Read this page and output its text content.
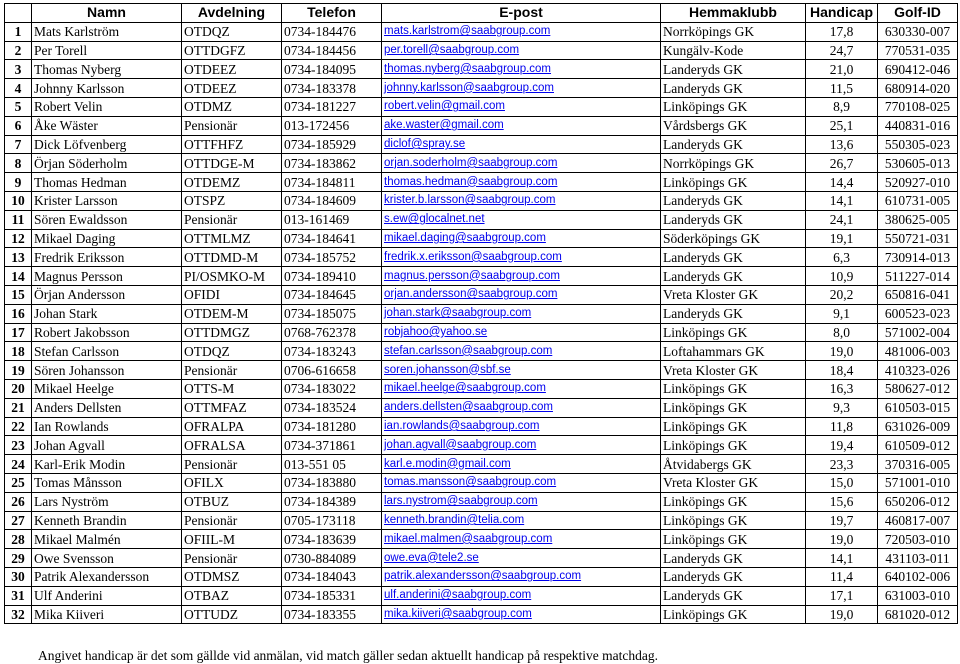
	Namn	Avdelning	Telefon	E-post	Hemmaklubb	Handicap	Golf-ID
1	Mats Karlström	OTDQZ	0734-184476	mats.karlstrom@saabgroup.com	Norrköpings GK	17,8	630330-007
2	Per Torell	OTTDGFZ	0734-184456	per.torell@saabgroup.com	Kungälv-Kode	24,7	770531-035
3	Thomas Nyberg	OTDEEZ	0734-184095	thomas.nyberg@saabgroup.com	Landeryds GK	21,0	690412-046
4	Johnny Karlsson	OTDEEZ	0734-183378	johnny.karlsson@saabgroup.com	Landeryds GK	11,5	680914-020
5	Robert Velin	OTDMZ	0734-181227	robert.velin@gmail.com	Linköpings GK	8,9	770108-025
6	Åke Wäster	Pensionär	013-172456	ake.waster@gmail.com	Vårdsbergs GK	25,1	440831-016
7	Dick Löfvenberg	OTTFHFZ	0734-185929	diclof@spray.se	Landeryds GK	13,6	550305-023
8	Örjan Söderholm	OTTDGE-M	0734-183862	orjan.soderholm@saabgroup.com	Norrköpings GK	26,7	530605-013
9	Thomas Hedman	OTDEMZ	0734-184811	thomas.hedman@saabgroup.com	Linköpings GK	14,4	520927-010
10	Krister Larsson	OTSPZ	0734-184609	krister.b.larsson@saabgroup.com	Landeryds GK	14,1	610731-005
11	Sören Ewaldsson	Pensionär	013-161469	s.ew@glocalnet.net	Landeryds GK	24,1	380625-005
12	Mikael Daging	OTTMLMZ	0734-184641	mikael.daging@saabgroup.com	Söderköpings GK	19,1	550721-031
13	Fredrik Eriksson	OTTDMD-M	0734-185752	fredrik.x.eriksson@saabgroup.com	Landeryds GK	6,3	730914-013
14	Magnus Persson	PI/OSMKO-M	0734-189410	magnus.persson@saabgroup.com	Landeryds GK	10,9	511227-014
15	Örjan Andersson	OFIDI	0734-184645	orjan.andersson@saabgroup.com	Vreta Kloster GK	20,2	650816-041
16	Johan Stark	OTDEM-M	0734-185075	johan.stark@saabgroup.com	Landeryds GK	9,1	600523-023
17	Robert Jakobsson	OTTDMGZ	0768-762378	robjahoo@yahoo.se	Linköpings GK	8,0	571002-004
18	Stefan Carlsson	OTDQZ	0734-183243	stefan.carlsson@saabgroup.com	Loftahammars GK	19,0	481006-003
19	Sören Johansson	Pensionär	0706-616658	soren.johansson@sbf.se	Vreta Kloster GK	18,4	410323-026
20	Mikael Heelge	OTTS-M	0734-183022	mikael.heelge@saabgroup.com	Linköpings GK	16,3	580627-012
21	Anders Dellsten	OTTMFAZ	0734-183524	anders.dellsten@saabgroup.com	Linköpings GK	9,3	610503-015
22	Ian Rowlands	OFRALPA	0734-181280	ian.rowlands@saabgroup.com	Linköpings GK	11,8	631026-009
23	Johan Agvall	OFRALSA	0734-371861	johan.agvall@saabgroup.com	Linköpings GK	19,4	610509-012
24	Karl-Erik Modin	Pensionär	013-551 05	karl.e.modin@gmail.com	Åtvidabergs GK	23,3	370316-005
25	Tomas Månsson	OFILX	0734-183880	tomas.mansson@saabgroup.com	Vreta Kloster GK	15,0	571001-010
26	Lars Nyström	OTBUZ	0734-184389	lars.nystrom@saabgroup.com	Linköpings GK	15,6	650206-012
27	Kenneth Brandin	Pensionär	0705-173118	kenneth.brandin@telia.com	Linköpings GK	19,7	460817-007
28	Mikael Malmén	OFIIL-M	0734-183639	mikael.malmen@saabgroup.com	Linköpings GK	19,0	720503-010
29	Owe Svensson	Pensionär	0730-884089	owe.eva@tele2.se	Landeryds GK	14,1	431103-011
30	Patrik Alexandersson	OTDMSZ	0734-184043	patrik.alexandersson@saabgroup.com	Landeryds GK	11,4	640102-006
31	Ulf Anderini	OTBAZ	0734-185331	ulf.anderini@saabgroup.com	Landeryds GK	17,1	631003-010
32	Mika Kiiveri	OTTUDZ	0734-183355	mika.kiiveri@saabgroup.com	Linköpings GK	19,0	681020-012
Angivet handicap är det som gällde vid anmälan, vid match gäller sedan aktuellt handicap på respektive matchdag.
